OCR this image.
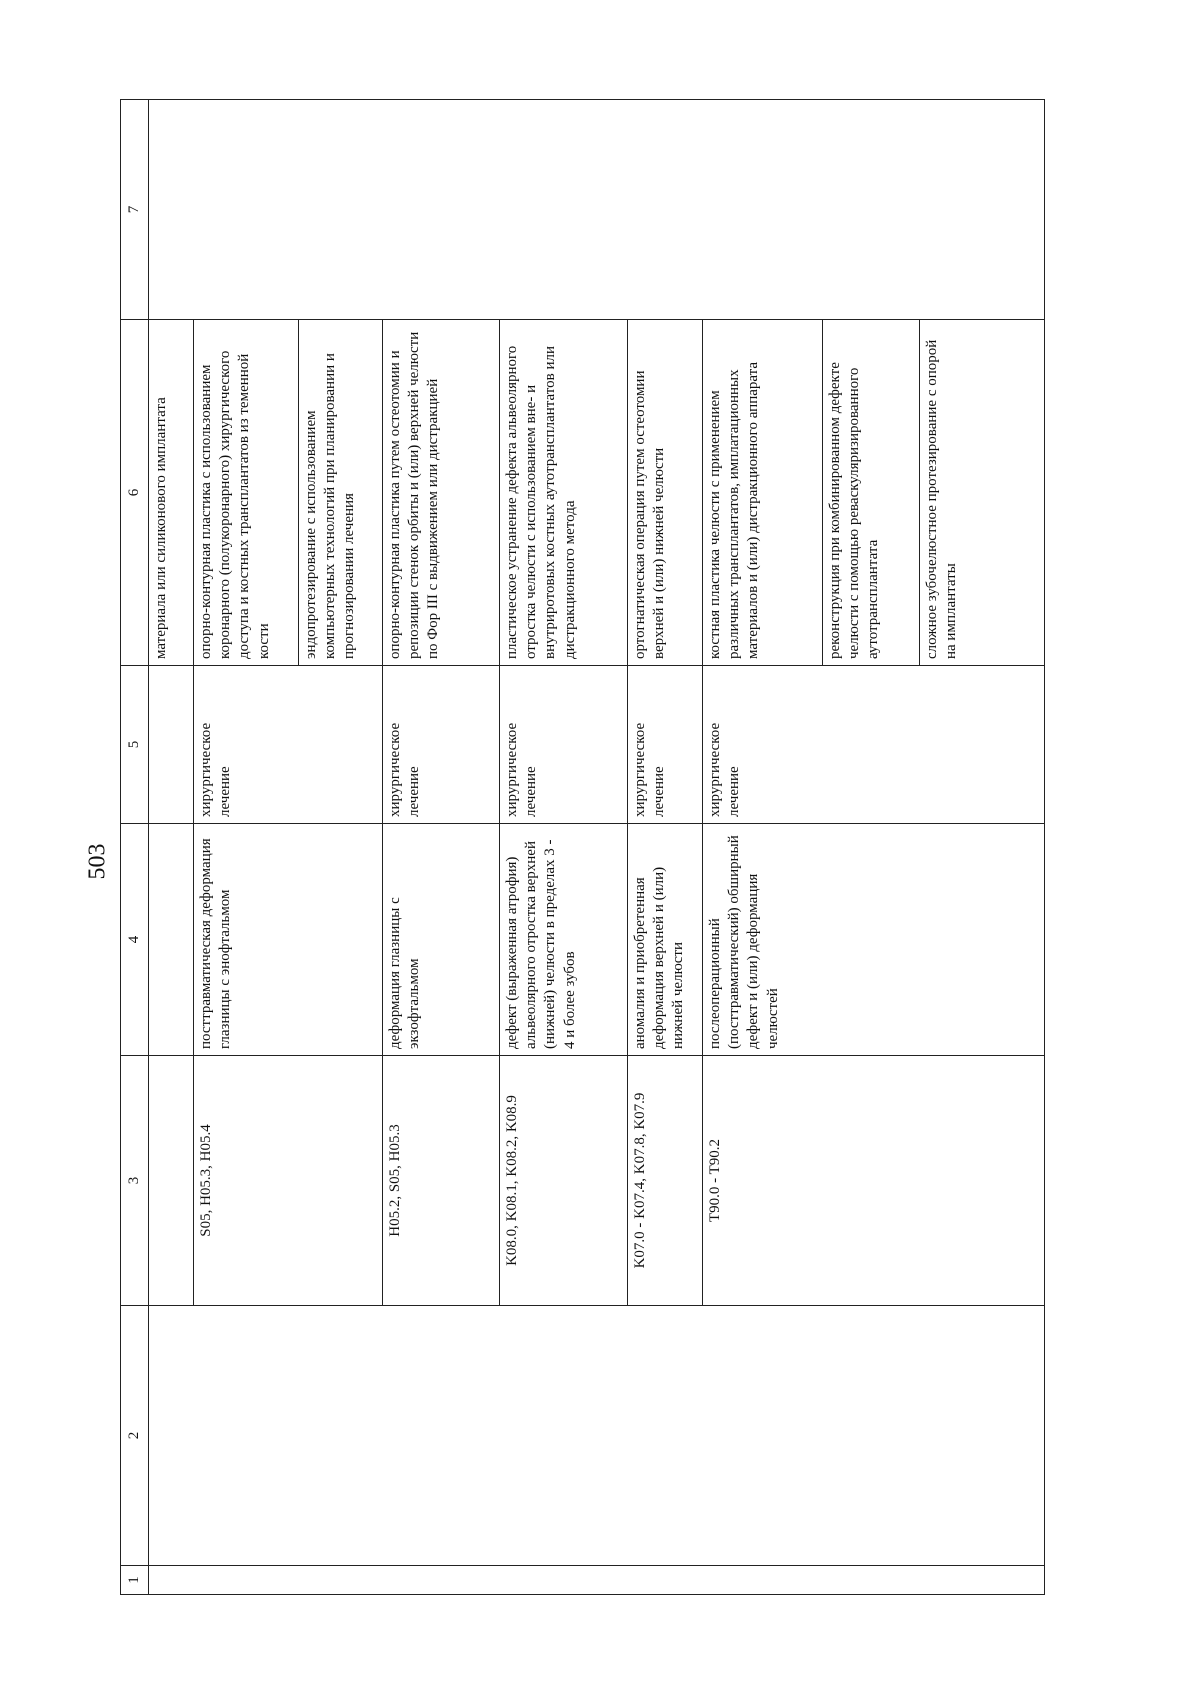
503
1	2	3	4	5	6	7
					материала или силиконового имплантата	
		S05, H05.3, H05.4	посттравматическая деформация глазницы с энофтальмом	хирургическое лечение	опорно-контурная пластика с использованием коронарного (полукоронарного) хирургического доступа и костных трансплантатов из теменной кости	
					эндопротезирование с использованием компьютерных технологий при планировании и прогнозировании лечения	
		H05.2, S05, H05.3	деформация глазницы с экзофтальмом	хирургическое лечение	опорно-контурная пластика путем остеотомии и репозиции стенок орбиты и (или) верхней челюсти по Фор III с выдвижением или дистракцией	
		K08.0, K08.1, K08.2, K08.9	дефект (выраженная атрофия) альвеолярного отростка верхней (нижней) челюсти в пределах 3 - 4 и более зубов	хирургическое лечение	пластическое устранение дефекта альвеолярного отростка челюсти с использованием вне- и внутриротовых костных аутотрансплантатов или дистракционного метода	
		K07.0 - K07.4, K07.8, K07.9	аномалия и приобретенная деформация верхней и (или) нижней челюсти	хирургическое лечение	ортогнатическая операция путем остеотомии верхней и (или) нижней челюсти	
		T90.0 - T90.2	послеоперационный (посттравматический) обширный дефект и (или) деформация челюстей	хирургическое лечение	костная пластика челюсти с применением различных трансплантатов, имплатационных материалов и (или) дистракционного аппарата	
					реконструкция при комбинированном дефекте челюсти с помощью реваскуляризированного аутотрансплантата	
					сложное зубочелюстное протезирование с опорой на имплантаты	
